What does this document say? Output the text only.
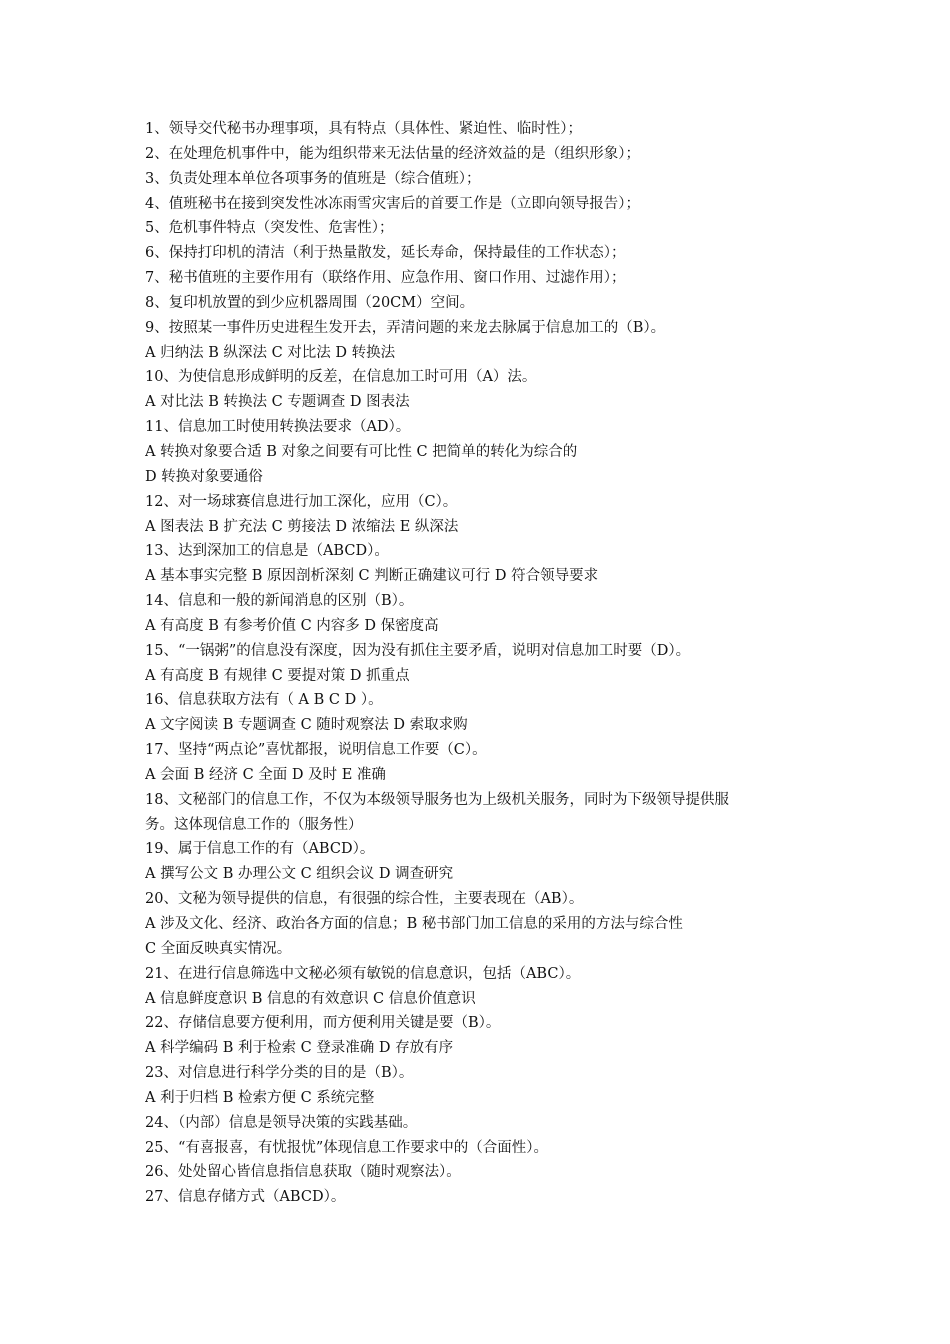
1、领导交代秘书办理事项，具有特点（具体性、紧迫性、临时性）；
2、在处理危机事件中，能为组织带来无法估量的经济效益的是（组织形象）；
3、负责处理本单位各项事务的值班是（综合值班）；
4、值班秘书在接到突发性冰冻雨雪灾害后的首要工作是（立即向领导报告）；
5、危机事件特点（突发性、危害性）；
6、保持打印机的清洁（利于热量散发，延长寿命，保持最佳的工作状态）；
7、秘书值班的主要作用有（联络作用、应急作用、窗口作用、过滤作用）；
8、复印机放置的到少应机器周围（20CM）空间。
9、按照某一事件历史进程生发开去，弄清问题的来龙去脉属于信息加工的（B）。
A 归纳法 B 纵深法 C 对比法 D 转换法
10、为使信息形成鲜明的反差，在信息加工时可用（A）法。
A 对比法 B 转换法 C 专题调查 D 图表法
11、信息加工时使用转换法要求（AD）。
A 转换对象要合适 B 对象之间要有可比性 C 把简单的转化为综合的
D 转换对象要通俗
12、对一场球赛信息进行加工深化，应用（C）。
A 图表法 B 扩充法 C 剪接法 D 浓缩法 E 纵深法
13、达到深加工的信息是（ABCD）。
A 基本事实完整 B 原因剖析深刻 C 判断正确建议可行 D 符合领导要求
14、信息和一般的新闻消息的区别（B）。
A 有高度 B 有参考价值 C 内容多 D 保密度高
15、“一锅粥”的信息没有深度，因为没有抓住主要矛盾，说明对信息加工时要（D）。
A 有高度 B 有规律 C 要提对策 D 抓重点
16、信息获取方法有（ A B C D ）。
A 文字阅读 B 专题调查 C 随时观察法 D 索取求购
17、坚持“两点论”喜忧都报，说明信息工作要（C）。
A 会面 B 经济 C 全面 D 及时 E 准确
18、文秘部门的信息工作，不仅为本级领导服务也为上级机关服务，同时为下级领导提供服
务。这体现信息工作的（服务性）
19、属于信息工作的有（ABCD）。
A 撰写公文 B 办理公文 C 组织会议 D 调查研究
20、文秘为领导提供的信息，有很强的综合性，主要表现在（AB）。
A 涉及文化、经济、政治各方面的信息；B 秘书部门加工信息的采用的方法与综合性
C 全面反映真实情况。
21、在进行信息筛选中文秘必须有敏锐的信息意识，包括（ABC）。
A 信息鲜度意识 B 信息的有效意识 C 信息价值意识
22、存储信息要方便利用，而方便利用关键是要（B）。
A 科学编码 B 利于检索 C 登录准确 D 存放有序
23、对信息进行科学分类的目的是（B）。
A 利于归档 B 检索方便 C 系统完整
24、（内部）信息是领导决策的实践基础。
25、“有喜报喜，有忧报忧”体现信息工作要求中的（合面性）。
26、处处留心皆信息指信息获取（随时观察法）。
27、信息存储方式（ABCD）。
